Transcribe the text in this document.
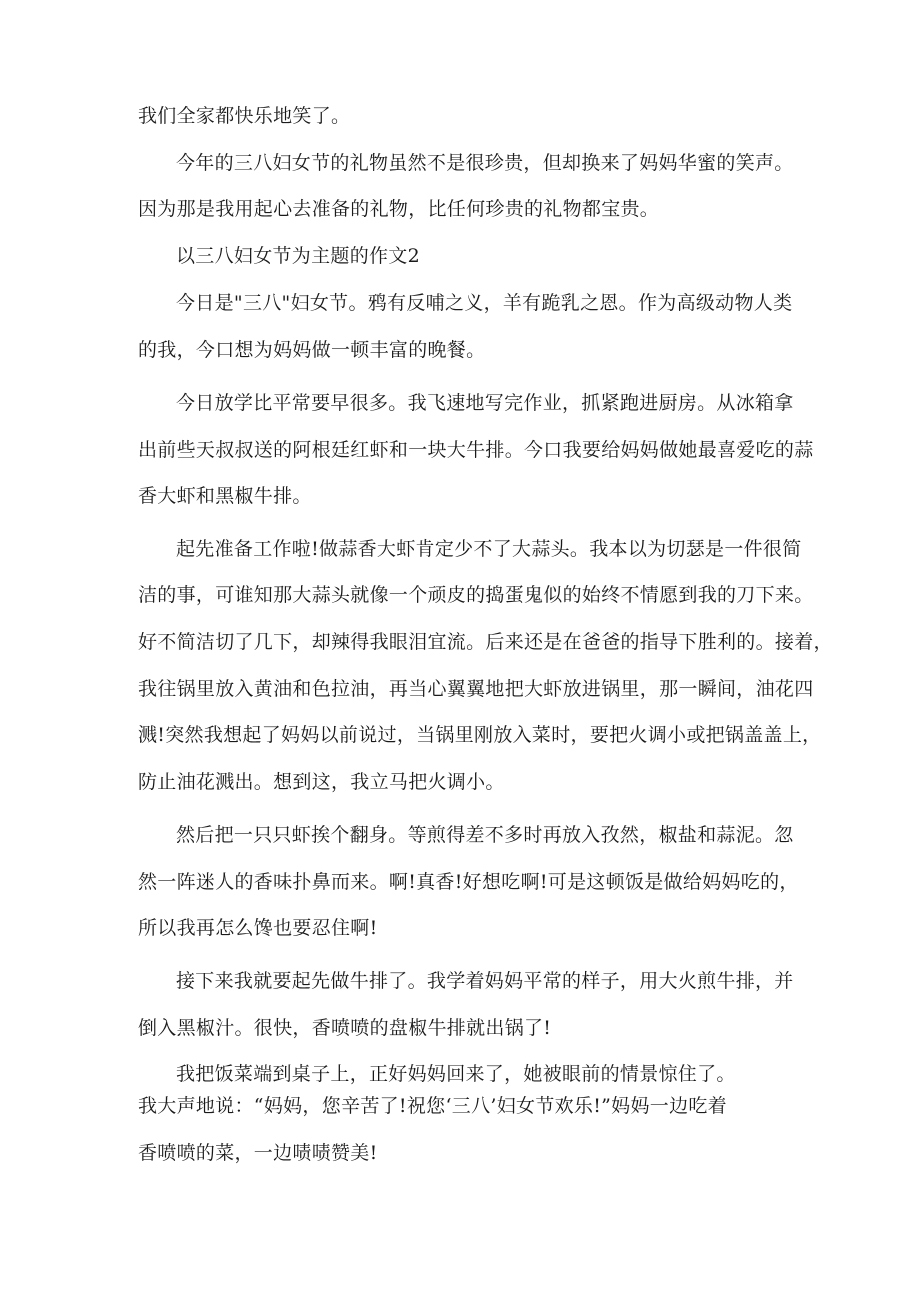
我们全家都快乐地笑了。
今年的三八妇女节的礼物虽然不是很珍贵，但却换来了妈妈华蜜的笑声。
因为那是我用起心去准备的礼物，比任何珍贵的礼物都宝贵。
以三八妇女节为主题的作文2
今日是"三八"妇女节。鸦有反哺之义，羊有跪乳之恩。作为高级动物人类
的我，今口想为妈妈做一顿丰富的晚餐。
今日放学比平常要早很多。我飞速地写完作业，抓紧跑进厨房。从冰箱拿
出前些天叔叔送的阿根廷红虾和一块大牛排。今口我要给妈妈做她最喜爱吃的蒜
香大虾和黑椒牛排。
起先准备工作啦!做蒜香大虾肯定少不了大蒜头。我本以为切瑟是一件很简
洁的事，可谁知那大蒜头就像一个顽皮的捣蛋鬼似的始终不情愿到我的刀下来。
好不简洁切了几下，却辣得我眼泪宜流。后来还是在爸爸的指导下胜利的。接着，
我往锅里放入黄油和色拉油，再当心翼翼地把大虾放进锅里，那一瞬间，油花四
溅!突然我想起了妈妈以前说过，当锅里刚放入菜时，要把火调小或把锅盖盖上，
防止油花溅出。想到这，我立马把火调小。
然后把一只只虾挨个翻身。等煎得差不多时再放入孜然，椒盐和蒜泥。忽
然一阵迷人的香味扑鼻而来。啊!真香!好想吃啊!可是这顿饭是做给妈妈吃的，
所以我再怎么馋也要忍住啊!
接下来我就要起先做牛排了。我学着妈妈平常的样子，用大火煎牛排，并
倒入黑椒汁。很快，香喷喷的盘椒牛排就出锅了!
我把饭菜端到桌子上，正好妈妈回来了，她被眼前的情景惊住了。
我大声地说：“妈妈，您辛苦了!祝您‘三八’妇女节欢乐!”妈妈一边吃着
香喷喷的菜，一边啧啧赞美!
